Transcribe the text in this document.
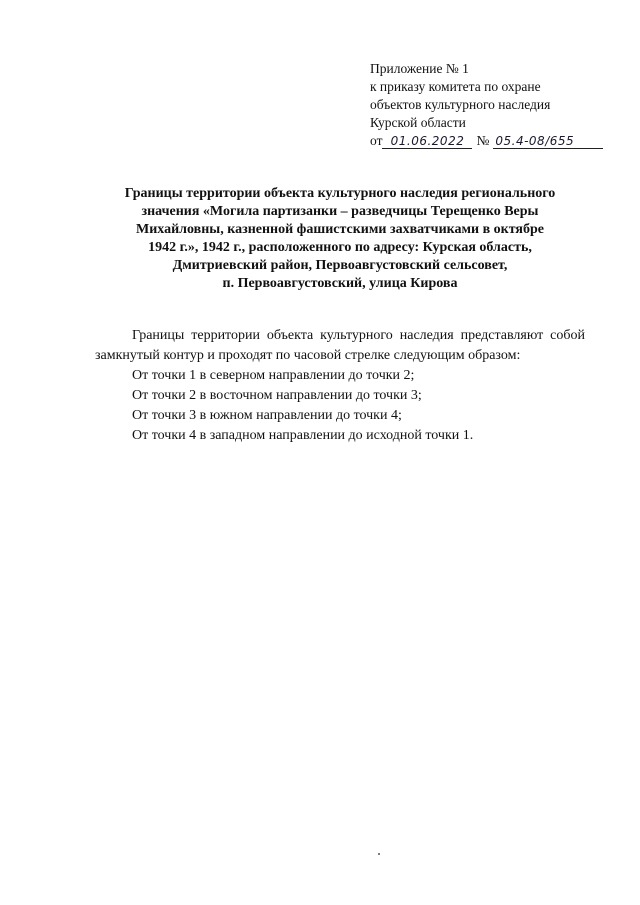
Приложение № 1
к приказу комитета по охране
объектов культурного наследия
Курской области
от 01.06.2022 № 05.4-08/655
Границы территории объекта культурного наследия регионального
значения «Могила партизанки – разведчицы Терещенко Веры
Михайловны, казненной фашистскими захватчиками в октябре
1942 г.», 1942 г., расположенного по адресу: Курская область,
Дмитриевский район, Первоавгустовский сельсовет,
п. Первоавгустовский, улица Кирова

Границы территории объекта культурного наследия представляют собой замкнутый контур и проходят по часовой стрелке следующим образом:

От точки 1 в северном направлении до точки 2;

От точки 2 в восточном направлении до точки 3;

От точки 3 в южном направлении до точки 4;

От точки 4 в западном направлении до исходной точки 1.
